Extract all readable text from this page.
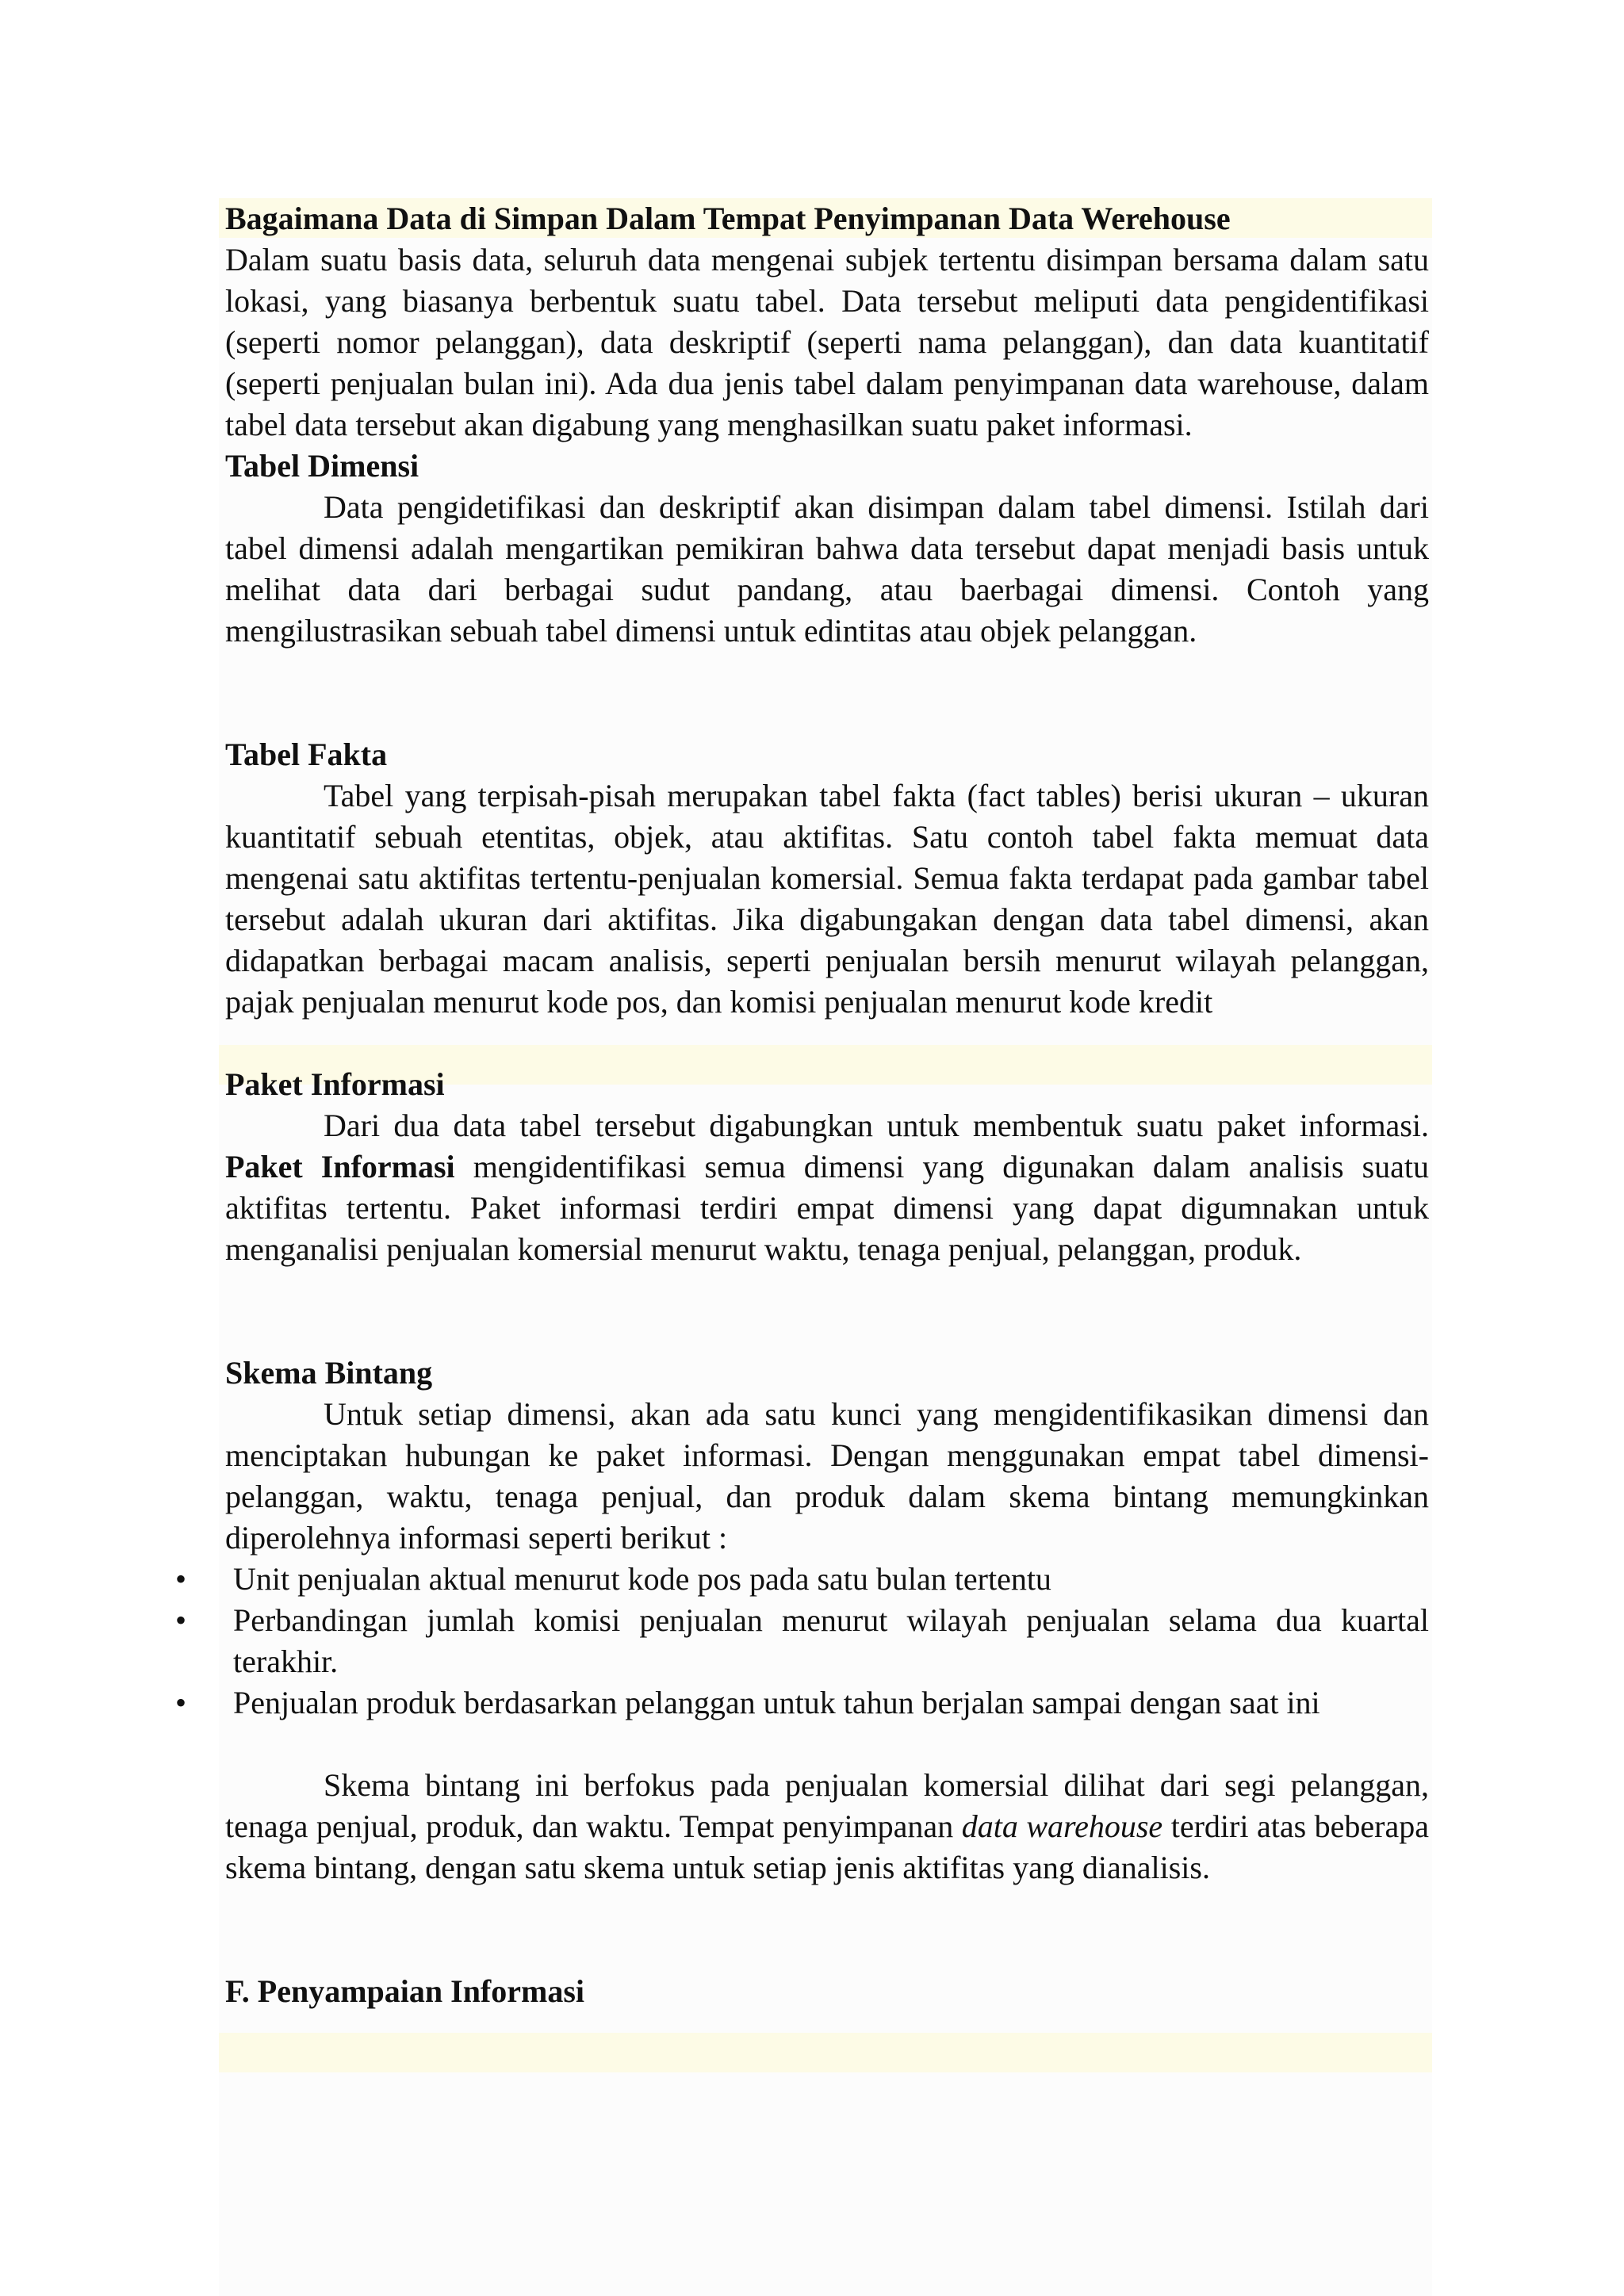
Bagaimana Data di Simpan Dalam Tempat Penyimpanan Data Werehouse

Dalam suatu basis data, seluruh data mengenai subjek tertentu disimpan bersama dalam satu lokasi, yang biasanya berbentuk suatu tabel. Data tersebut meliputi data pengidentifikasi (seperti nomor pelanggan), data deskriptif (seperti nama pelanggan), dan data kuantitatif (seperti penjualan bulan ini). Ada dua jenis tabel dalam penyimpanan data warehouse, dalam tabel data tersebut akan digabung yang menghasilkan suatu paket informasi.

Tabel Dimensi

Data pengidetifikasi dan deskriptif akan disimpan dalam tabel dimensi. Istilah dari tabel dimensi adalah mengartikan pemikiran bahwa data tersebut dapat menjadi basis untuk melihat data dari berbagai sudut pandang, atau baerbagai dimensi. Contoh yang mengilustrasikan sebuah tabel dimensi untuk edintitas atau objek pelanggan.

Tabel Fakta

Tabel yang terpisah-pisah merupakan tabel fakta (fact tables) berisi ukuran – ukuran kuantitatif sebuah etentitas, objek, atau aktifitas. Satu contoh tabel fakta memuat data mengenai satu aktifitas tertentu-penjualan komersial. Semua fakta terdapat pada gambar tabel tersebut adalah ukuran dari aktifitas. Jika digabungakan dengan data tabel dimensi, akan didapatkan berbagai macam analisis, seperti penjualan bersih menurut wilayah pelanggan, pajak penjualan menurut kode pos, dan komisi penjualan menurut kode kredit

Paket Informasi

Dari dua data tabel tersebut digabungkan untuk membentuk suatu paket informasi. Paket Informasi mengidentifikasi semua dimensi yang digunakan dalam analisis suatu aktifitas tertentu. Paket informasi terdiri empat dimensi yang dapat digumnakan untuk menganalisi penjualan komersial menurut waktu, tenaga penjual, pelanggan, produk.

Skema Bintang

Untuk setiap dimensi, akan ada satu kunci yang mengidentifikasikan dimensi dan menciptakan hubungan ke paket informasi. Dengan menggunakan empat tabel dimensi-pelanggan, waktu, tenaga penjual, dan produk dalam skema bintang memungkinkan diperolehnya informasi seperti berikut :

• Unit penjualan aktual menurut kode pos pada satu bulan tertentu
• Perbandingan jumlah komisi penjualan menurut wilayah penjualan selama dua kuartal terakhir.
• Penjualan produk berdasarkan pelanggan untuk tahun berjalan sampai dengan saat ini

Skema bintang ini berfokus pada penjualan komersial dilihat dari segi pelanggan, tenaga penjual, produk, dan waktu. Tempat penyimpanan data warehouse terdiri atas beberapa skema bintang, dengan satu skema untuk setiap jenis aktifitas yang dianalisis.

F. Penyampaian Informasi
